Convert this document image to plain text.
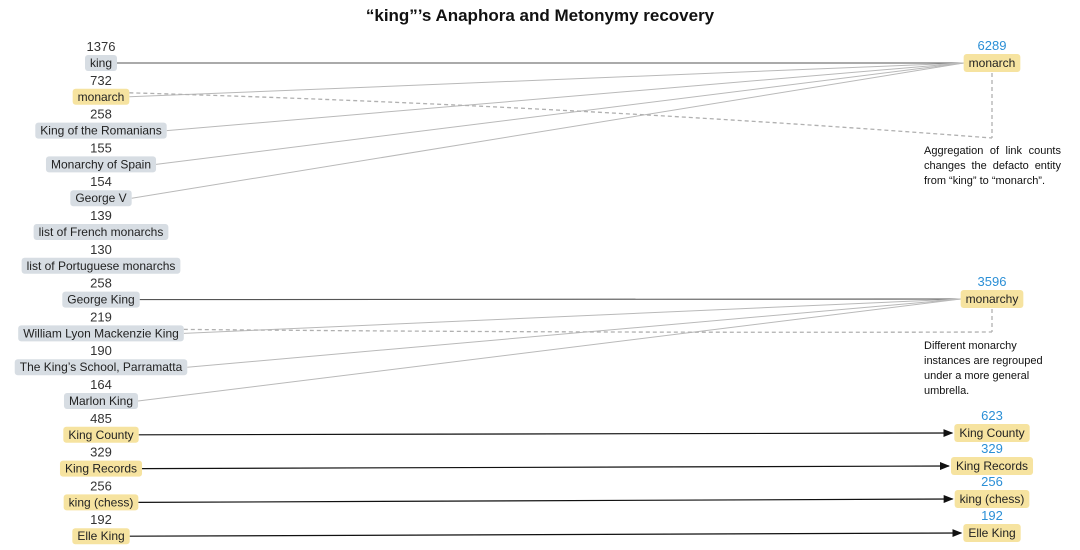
“king”’s Anaphora and Metonymy recovery
1376
king
732
monarch
258
King of the Romanians
155
Monarchy of Spain
154
George V
139
list of French monarchs
130
list of Portuguese monarchs
258
George King
219
William Lyon Mackenzie King
190
The King’s School, Parramatta
164
Marlon King
485
King County
329
King Records
256
king (chess)
192
Elle King
6289
monarch
3596
monarchy
623
King County
329
King Records
256
king (chess)
192
Elle King
Aggregation of link counts changes the defacto entity from “king” to “monarch”.
Different monarchy instances are regrouped under a more general umbrella.
